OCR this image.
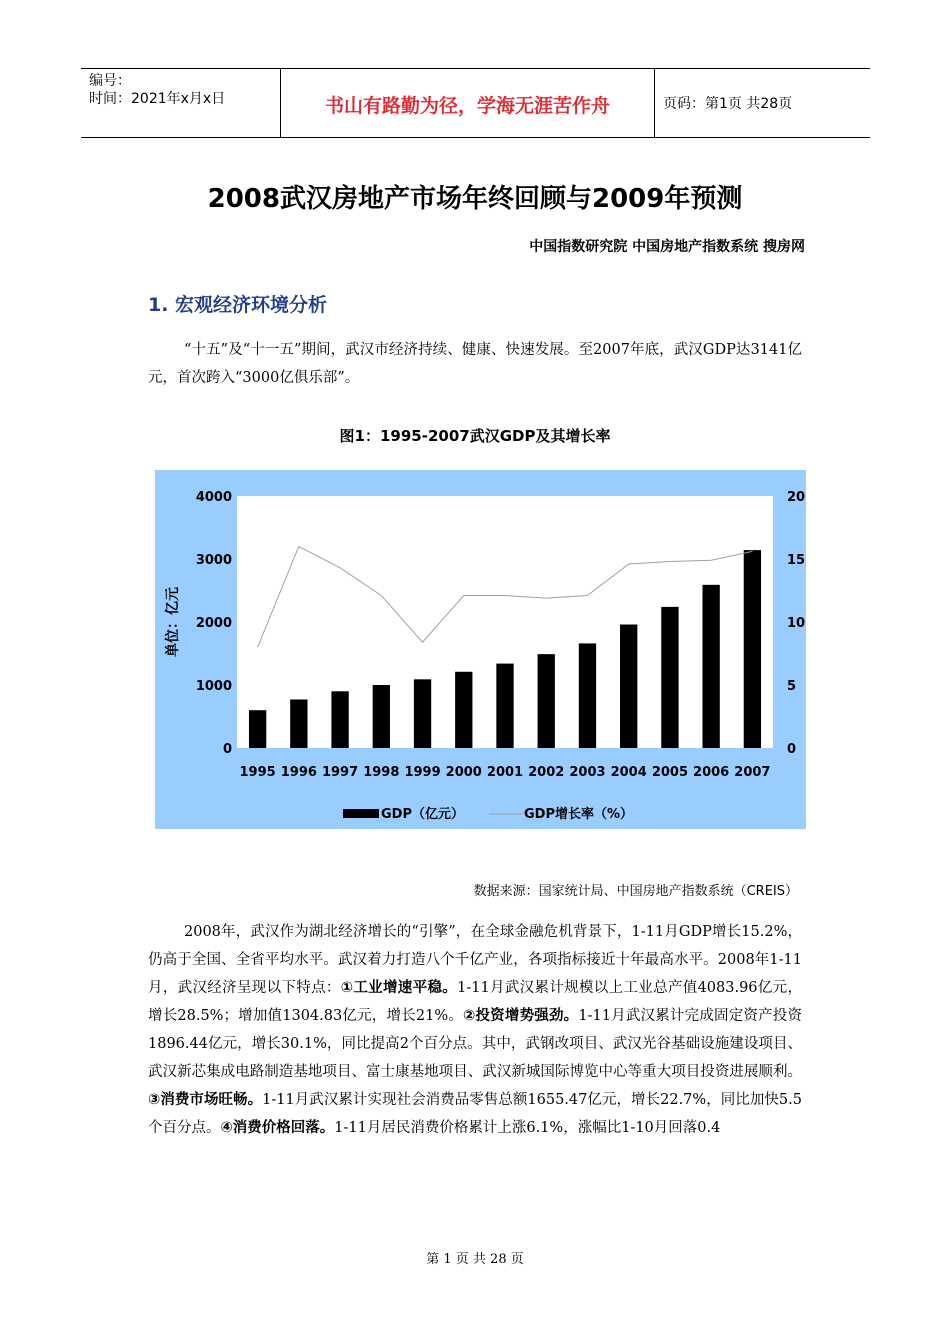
编号：
时间：2021年x月x日	书山有路勤为径，学海无涯苦作舟	页码：第1页 共28页
2008武汉房地产市场年终回顾与2009年预测
中国指数研究院 中国房地产指数系统 搜房网
1. 宏观经济环境分析
“十五”及“十一五”期间，武汉市经济持续、健康、快速发展。至2007年底，武汉GDP达3141亿元，首次跨入“3000亿俱乐部”。
图1：1995-2007武汉GDP及其增长率
0
1000
2000
3000
4000
0
5
10
15
20
1995 1996 1997 1998 1999 2000 2001 2002 2003 2004 2005 2006 2007
单位：亿元
GDP（亿元）	GDP增长率（%）
数据来源：国家统计局、中国房地产指数系统（CREIS）
2008年，武汉作为湖北经济增长的“引擎”，在全球金融危机背景下，1-11月GDP增长15.2%，仍高于全国、全省平均水平。武汉着力打造八个千亿产业，各项指标接近十年最高水平。2008年1-11月，武汉经济呈现以下特点：①工业增速平稳。1-11月武汉累计规模以上工业总产值4083.96亿元，增长28.5%；增加值1304.83亿元，增长21%。②投资增势强劲。1-11月武汉累计完成固定资产投资1896.44亿元，增长30.1%，同比提高2个百分点。其中，武钢改项目、武汉光谷基础设施建设项目、武汉新芯集成电路制造基地项目、富士康基地项目、武汉新城国际博览中心等重大项目投资进展顺利。③消费市场旺畅。1-11月武汉累计实现社会消费品零售总额1655.47亿元，增长22.7%，同比加快5.5个百分点。④消费价格回落。1-11月居民消费价格累计上涨6.1%，涨幅比1-10月回落0.4
第 1 页 共 28 页
